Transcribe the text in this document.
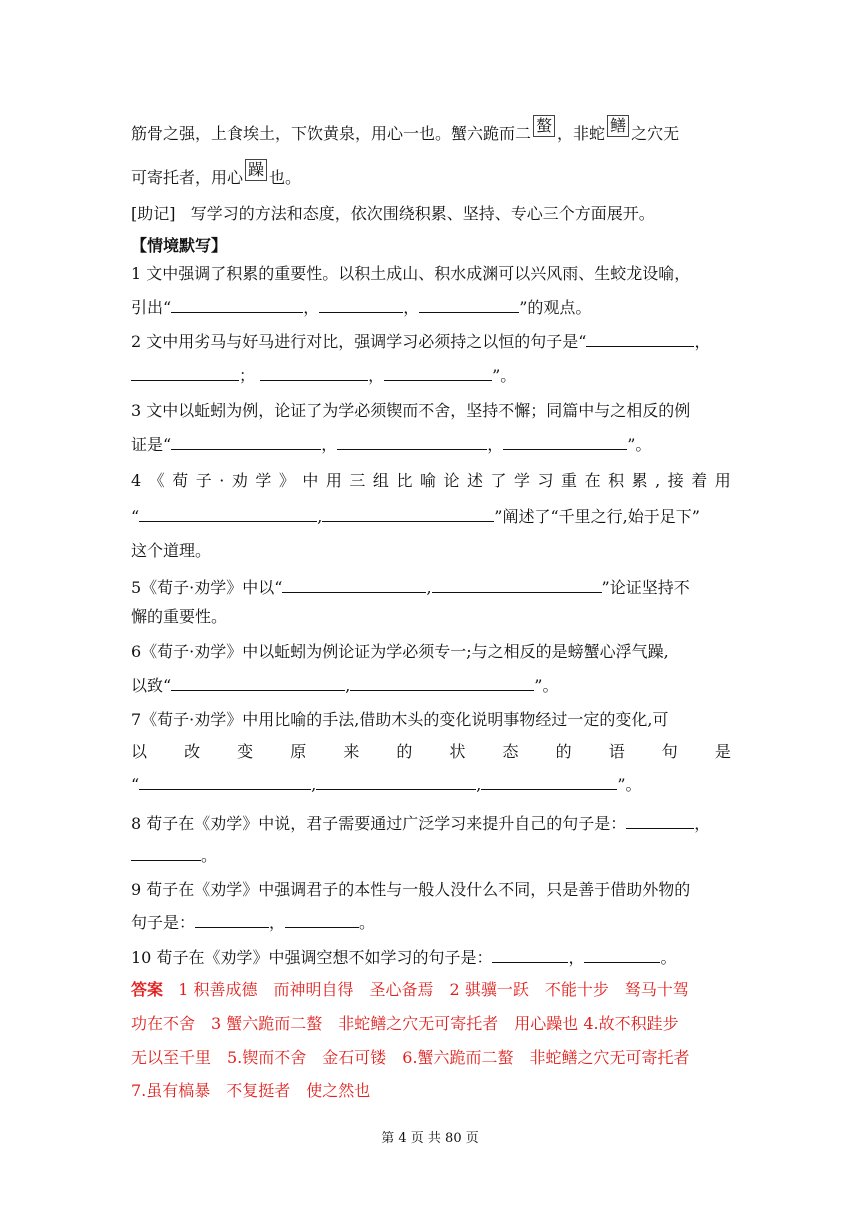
筋骨之强，上食埃土，下饮黄泉，用心一也。蟹六跪而二 螯 ，非蛇 鳝 之穴无
可寄托者，用心 躁 也。
[助记] 写学习的方法和态度，依次围绕积累、坚持、专心三个方面展开。
【情境默写】
1 文中强调了积累的重要性。以积土成山、积水成渊可以兴风雨、生蛟龙设喻，
引出“	，	，	”的观点。
2 文中用劣马与好马进行对比，强调学习必须持之以恒的句子是“	，
；	，	”。
3 文中以蚯蚓为例，论证了为学必须锲而不舍，坚持不懈；同篇中与之相反的例
证是“	，	，	”。
4 《 荀 子 · 劝 学 》 中 用 三 组 比 喻 论 述 了 学 习 重 在 积 累 , 接 着 用
“	,	”阐述了“千里之行,始于足下”
这个道理。
5《荀子·劝学》中以“	,	”论证坚持不
懈的重要性。
6《荀子·劝学》中以蚯蚓为例论证为学必须专一;与之相反的是螃蟹心浮气躁,
以致“	,	”。
7《荀子·劝学》中用比喻的手法,借助木头的变化说明事物经过一定的变化,可
以 改 变 原 来 的 状 态 的 语 句 是
“	,	,	”。
8 荀子在《劝学》中说，君子需要通过广泛学习来提升自己的句子是：	，
。
9 荀子在《劝学》中强调君子的本性与一般人没什么不同，只是善于借助外物的
句子是：	，	。
10 荀子在《劝学》中强调空想不如学习的句子是：	，	。
答案 1 积善成德　而神明自得　圣心备焉　2 骐骥一跃　不能十步　驽马十驾
功在不舍　3 蟹六跪而二螯　非蛇鳝之穴无可寄托者　用心躁也 4.故不积跬步
无以至千里　5.锲而不舍　金石可镂　6.蟹六跪而二螯　非蛇鳝之穴无可寄托者
7.虽有槁暴　不复挺者　使之然也
第 4 页 共 80 页
